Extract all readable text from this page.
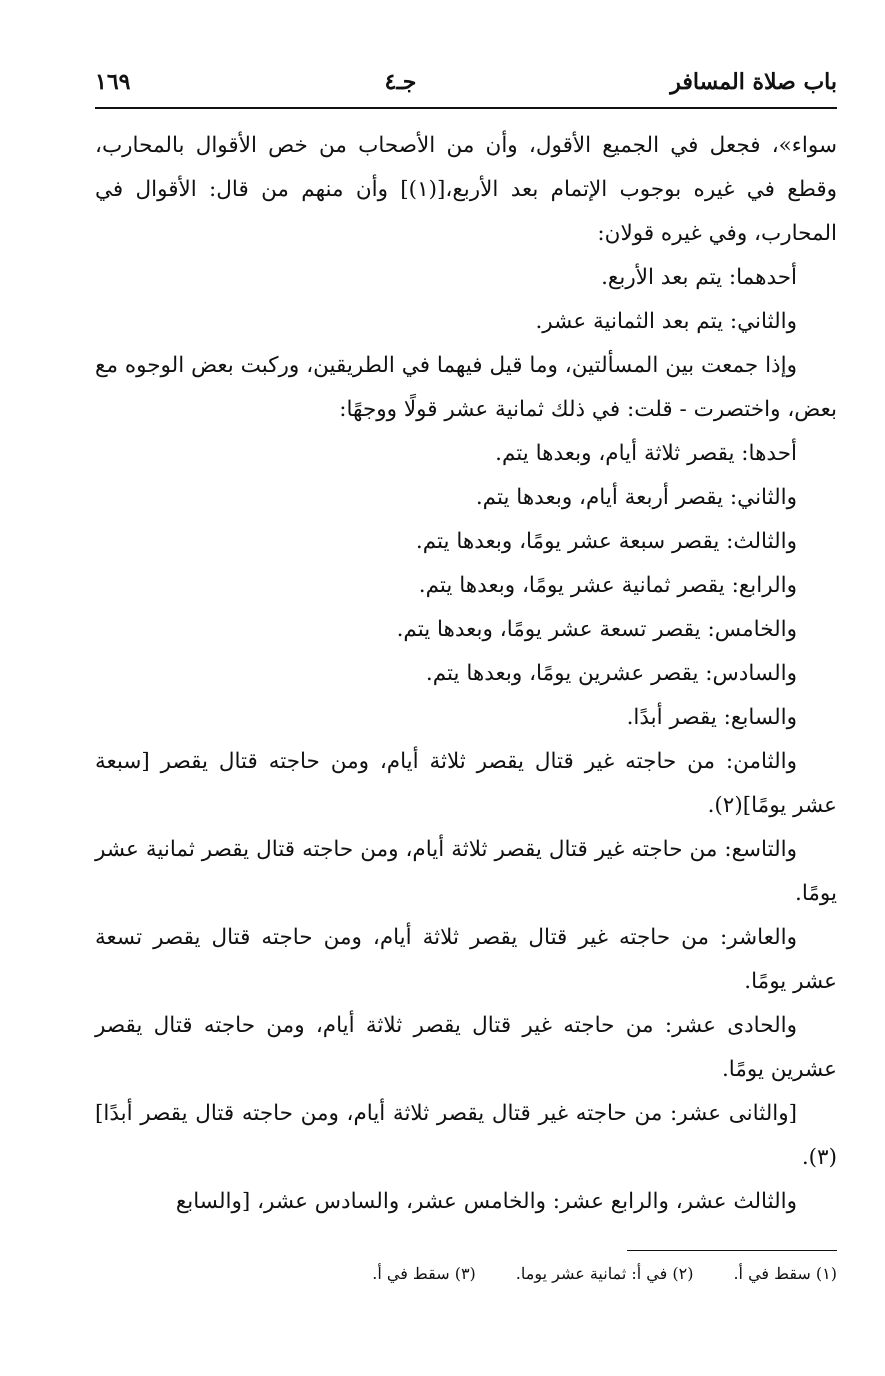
باب صلاة المسافر
جـ٤
١٦٩

سواء»، فجعل في الجميع الأقول، وأن من الأصحاب من خص الأقوال بالمحارب، وقطع في غيره بوجوب الإتمام بعد الأربع،[(١)] وأن منهم من قال: الأقوال في المحارب، وفي غيره قولان:

أحدهما: يتم بعد الأربع.

والثاني: يتم بعد الثمانية عشر.

وإذا جمعت بين المسألتين، وما قيل فيهما في الطريقين، وركبت بعض الوجوه مع بعض، واختصرت - قلت: في ذلك ثمانية عشر قولًا ووجهًا:

أحدها: يقصر ثلاثة أيام، وبعدها يتم.

والثاني: يقصر أربعة أيام، وبعدها يتم.

والثالث: يقصر سبعة عشر يومًا، وبعدها يتم.

والرابع: يقصر ثمانية عشر يومًا، وبعدها يتم.

والخامس: يقصر تسعة عشر يومًا، وبعدها يتم.

والسادس: يقصر عشرين يومًا، وبعدها يتم.

والسابع: يقصر أبدًا.

والثامن: من حاجته غير قتال يقصر ثلاثة أيام، ومن حاجته قتال يقصر [سبعة عشر يومًا](٢).

والتاسع: من حاجته غير قتال يقصر ثلاثة أيام، ومن حاجته قتال يقصر ثمانية عشر يومًا.

والعاشر: من حاجته غير قتال يقصر ثلاثة أيام، ومن حاجته قتال يقصر تسعة عشر يومًا.

والحادى عشر: من حاجته غير قتال يقصر ثلاثة أيام، ومن حاجته قتال يقصر عشرين يومًا.

[والثانى عشر: من حاجته غير قتال يقصر ثلاثة أيام، ومن حاجته قتال يقصر أبدًا](٣).

والثالث عشر، والرابع عشر: والخامس عشر، والسادس عشر، [والسابع

(١) سقط في أ.
(٢) في أ: ثمانية عشر يوما.
(٣) سقط في أ.
